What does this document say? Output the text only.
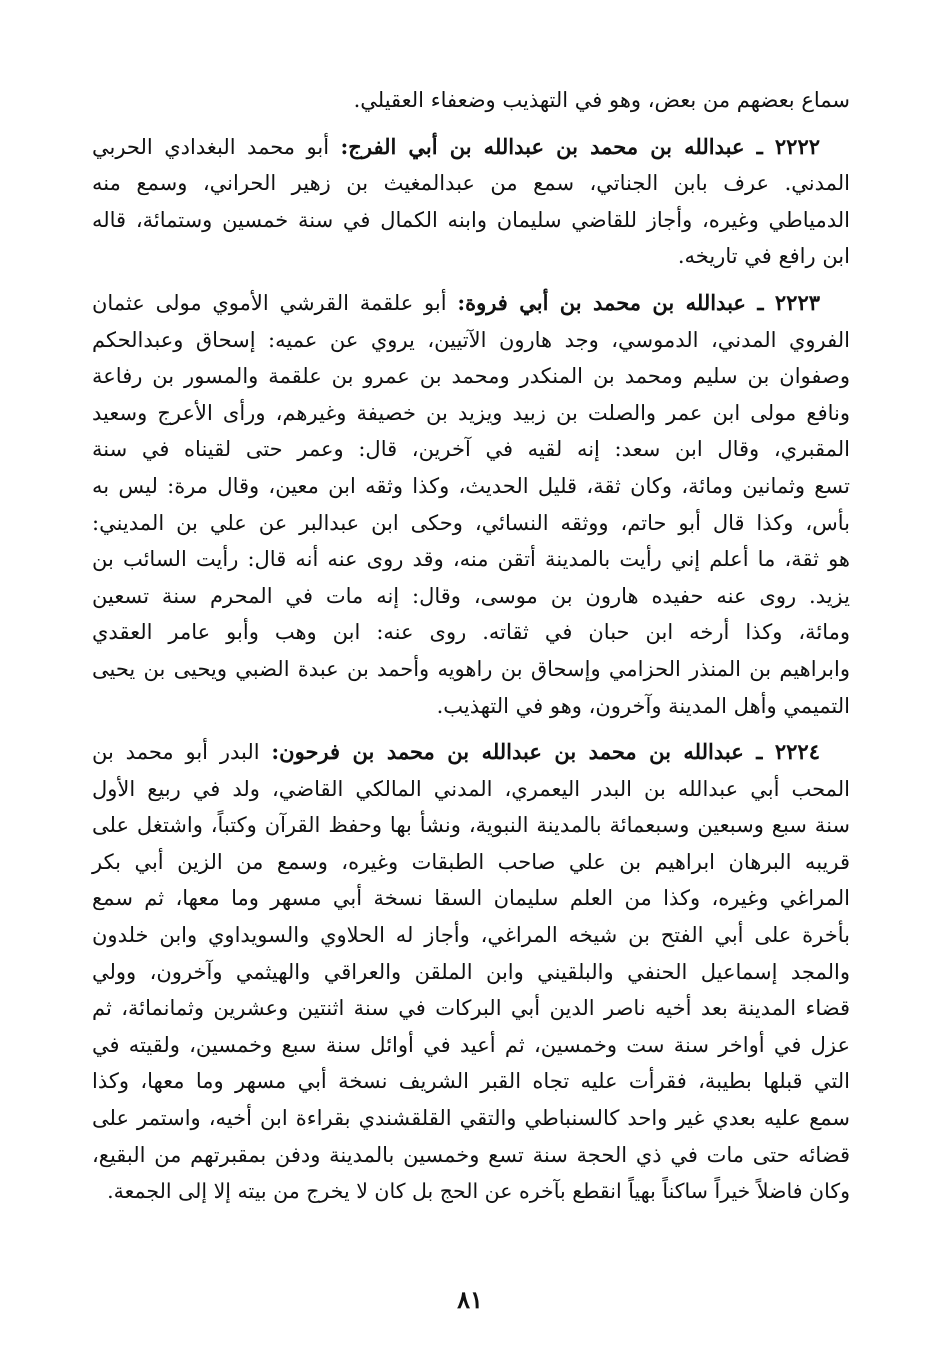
سماع بعضهم من بعض، وهو في التهذيب وضعفاء العقيلي.
٢٢٢٢ ـ عبدالله بن محمد بن عبدالله بن أبي الفرج: أبو محمد البغدادي الحربي
المدني. عرف بابن الجناتي، سمع من عبدالمغيث بن زهير الحراني، وسمع منه
الدمياطي وغيره، وأجاز للقاضي سليمان وابنه الكمال في سنة خمسين وستمائة، قاله
ابن رافع في تاريخه.
٢٢٢٣ ـ عبدالله بن محمد بن أبي فروة: أبو علقمة القرشي الأموي مولى عثمان
الفروي المدني، الدموسي، وجد هارون الآتيين، يروي عن عميه: إسحاق وعبدالحكم
وصفوان بن سليم ومحمد بن المنكدر ومحمد بن عمرو بن علقمة والمسور بن رفاعة
ونافع مولى ابن عمر والصلت بن زبيد ويزيد بن خصيفة وغيرهم، ورأى الأعرج وسعيد
المقبري، وقال ابن سعد: إنه لقيه في آخرين، قال: وعمر حتى لقيناه في سنة
تسع وثمانين ومائة، وكان ثقة، قليل الحديث، وكذا وثقه ابن معين، وقال مرة: ليس به
بأس، وكذا قال أبو حاتم، ووثقه النسائي، وحكى ابن عبدالبر عن علي بن المديني:
هو ثقة، ما أعلم إني رأيت بالمدينة أتقن منه، وقد روى عنه أنه قال: رأيت السائب بن
يزيد. روى عنه حفيده هارون بن موسى، وقال: إنه مات في المحرم سنة تسعين
ومائة، وكذا أرخه ابن حبان في ثقاته. روى عنه: ابن وهب وأبو عامر العقدي
وابراهيم بن المنذر الحزامي وإسحاق بن راهويه وأحمد بن عبدة الضبي ويحيى بن يحيى
التميمي وأهل المدينة وآخرون، وهو في التهذيب.
٢٢٢٤ ـ عبدالله بن محمد بن عبدالله بن محمد بن فرحون: البدر أبو محمد بن
المحب أبي عبدالله بن البدر اليعمري، المدني المالكي القاضي، ولد في ربيع الأول
سنة سبع وسبعين وسبعمائة بالمدينة النبوية، ونشأ بها وحفظ القرآن وكتباً، واشتغل على
قريبه البرهان ابراهيم بن علي صاحب الطبقات وغيره، وسمع من الزين أبي بكر
المراغي وغيره، وكذا من العلم سليمان السقا نسخة أبي مسهر وما معها، ثم سمع
بأخرة على أبي الفتح بن شيخه المراغي، وأجاز له الحلاوي والسويداوي وابن خلدون
والمجد إسماعيل الحنفي والبلقيني وابن الملقن والعراقي والهيثمي وآخرون، وولي
قضاء المدينة بعد أخيه ناصر الدين أبي البركات في سنة اثنتين وعشرين وثمانمائة، ثم
عزل في أواخر سنة ست وخمسين، ثم أعيد في أوائل سنة سبع وخمسين، ولقيته في
التي قبلها بطيبة، فقرأت عليه تجاه القبر الشريف نسخة أبي مسهر وما معها، وكذا
سمع عليه بعدي غير واحد كالسنباطي والتقي القلقشندي بقراءة ابن أخيه، واستمر على
قضائه حتى مات في ذي الحجة سنة تسع وخمسين بالمدينة ودفن بمقبرتهم من البقيع،
وكان فاضلاً خيراً ساكناً بهياً انقطع بآخره عن الحج بل كان لا يخرج من بيته إلا إلى الجمعة.
٨١
